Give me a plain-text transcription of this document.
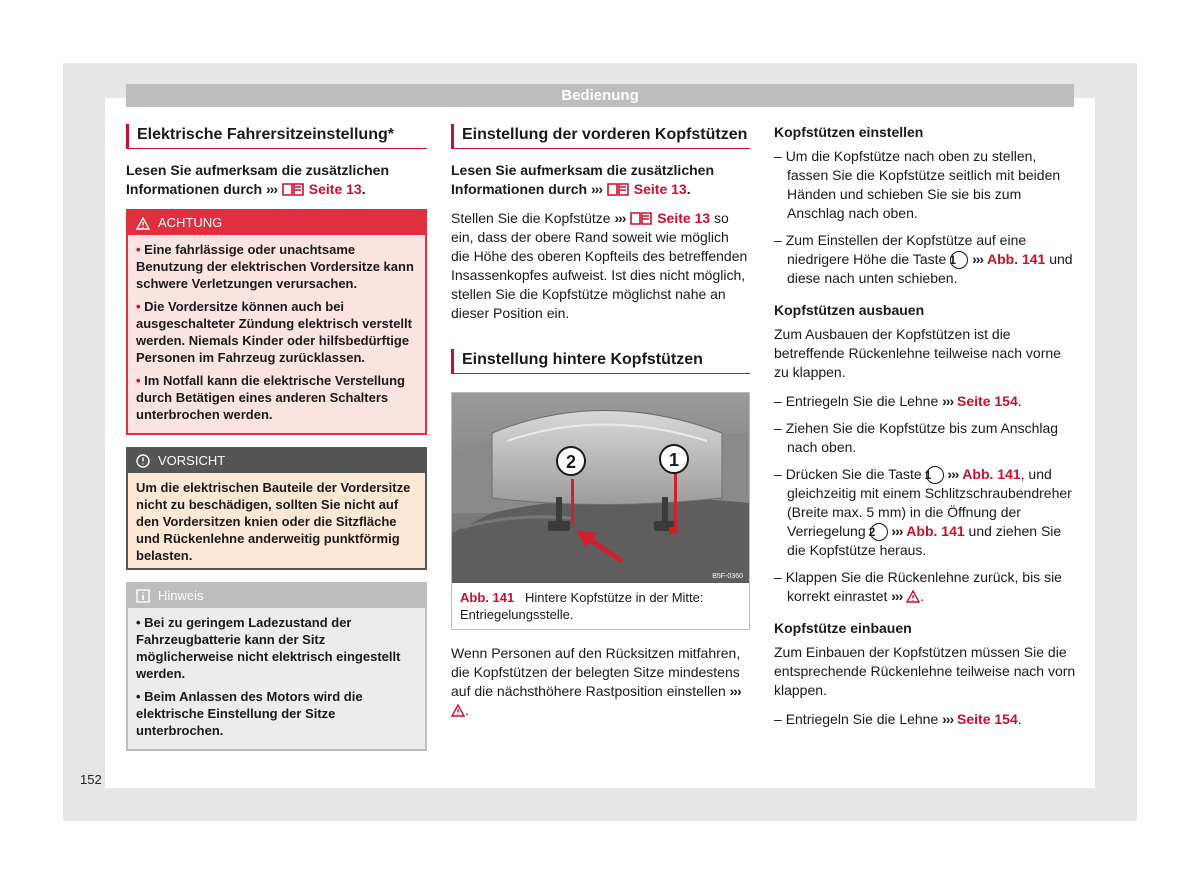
Bedienung
152
Elektrische Fahrersitzeinstellung*

Lesen Sie aufmerksam die zusätzlichen Informationen durch ››› Seite 13.

ACHTUNG
• Eine fahrlässige oder unachtsame Benutzung der elektrischen Vordersitze kann schwere Verletzungen verursachen.
• Die Vordersitze können auch bei ausgeschalteter Zündung elektrisch verstellt werden. Niemals Kinder oder hilfsbedürftige Personen im Fahrzeug zurücklassen.
• Im Notfall kann die elektrische Verstellung durch Betätigen eines anderen Schalters unterbrochen werden.
VORSICHT
Um die elektrischen Bauteile der Vordersitze nicht zu beschädigen, sollten Sie nicht auf den Vordersitzen knien oder die Sitzfläche und Rückenlehne anderweitig punktförmig belasten.
Hinweis
• Bei zu geringem Ladezustand der Fahrzeugbatterie kann der Sitz möglicherweise nicht elektrisch eingestellt werden.
• Beim Anlassen des Motors wird die elektrische Einstellung der Sitze unterbrochen.
Einstellung der vorderen Kopfstützen

Lesen Sie aufmerksam die zusätzlichen Informationen durch ››› Seite 13.

Stellen Sie die Kopfstütze ››› Seite 13 so ein, dass der obere Rand soweit wie möglich die Höhe des oberen Kopfteils des betreffenden Insassenkopfes aufweist. Ist dies nicht möglich, stellen Sie die Kopfstütze möglichst nahe an dieser Position ein.

Einstellung hintere Kopfstützen
2	1
B5F-0360
Abb. 141 Hintere Kopfstütze in der Mitte: Entriegelungsstelle.

Wenn Personen auf den Rücksitzen mitfahren, die Kopfstützen der belegten Sitze mindestens auf die nächsthöhere Rastposition einstellen ››› .

Kopfstützen einstellen
– Um die Kopfstütze nach oben zu stellen, fassen Sie die Kopfstütze seitlich mit beiden Händen und schieben Sie sie bis zum Anschlag nach oben.
– Zum Einstellen der Kopfstütze auf eine niedrigere Höhe die Taste 1 ››› Abb. 141 und diese nach unten schieben.
Kopfstützen ausbauen

Zum Ausbauen der Kopfstützen ist die betreffende Rückenlehne teilweise nach vorne zu klappen.

– Entriegeln Sie die Lehne ››› Seite 154.
– Ziehen Sie die Kopfstütze bis zum Anschlag nach oben.
– Drücken Sie die Taste 1 ››› Abb. 141, und gleichzeitig mit einem Schlitzschraubendreher (Breite max. 5 mm) in die Öffnung der Verriegelung 2 ››› Abb. 141 und ziehen Sie die Kopfstütze heraus.
– Klappen Sie die Rückenlehne zurück, bis sie korrekt einrastet ››› .
Kopfstütze einbauen

Zum Einbauen der Kopfstützen müssen Sie die entsprechende Rückenlehne teilweise nach vorn klappen.

– Entriegeln Sie die Lehne ››› Seite 154.
